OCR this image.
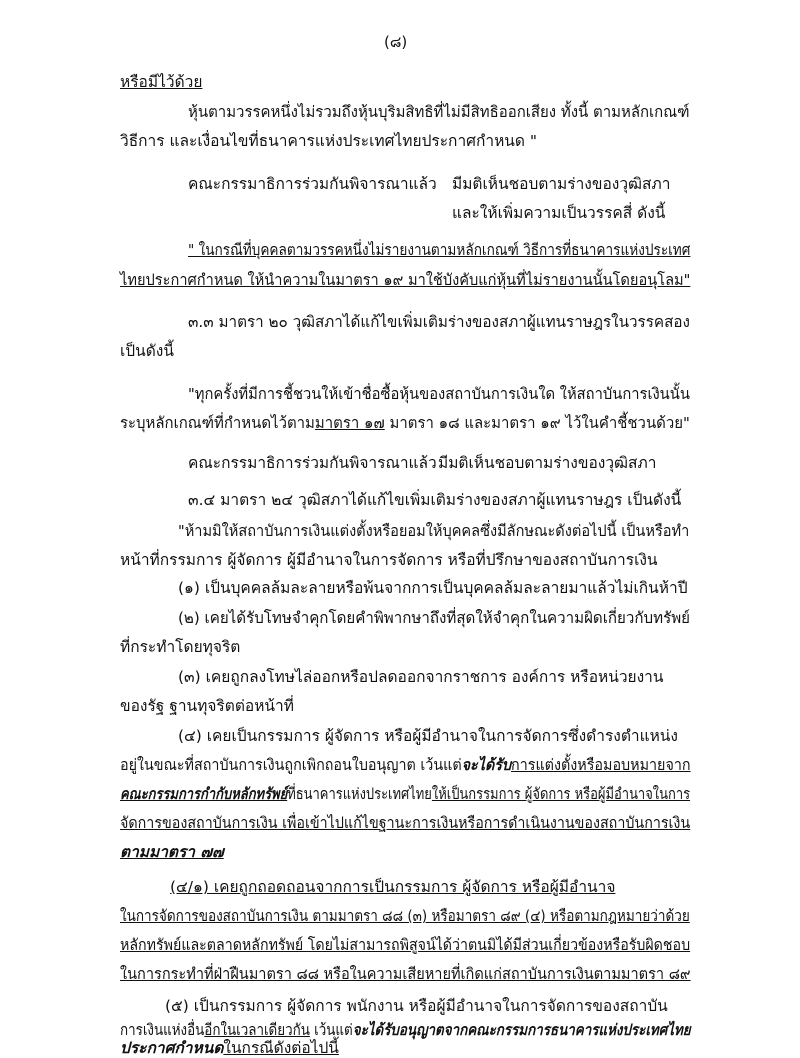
(๘)
หรือมีไว้ด้วย
หุ้นตามวรรคหนึ่งไม่รวมถึงหุ้นบุริมสิทธิที่ไม่มีสิทธิออกเสียง ทั้งนี้ ตามหลักเกณฑ์
วิธีการ และเงื่อนไขที่ธนาคารแห่งประเทศไทยประกาศกำหนด "
คณะกรรมาธิการร่วมกันพิจารณาแล้ว มีมติเห็นชอบตามร่างของวุฒิสภา
และให้เพิ่มความเป็นวรรคสี่ ดังนี้
" ในกรณีที่บุคคลตามวรรคหนึ่งไม่รายงานตามหลักเกณฑ์ วิธีการที่ธนาคารแห่งประเทศ
ไทยประกาศกำหนด ให้นำความในมาตรา ๑๙ มาใช้บังคับแก่หุ้นที่ไม่รายงานนั้นโดยอนุโลม"
๓.๓ มาตรา ๒๐ วุฒิสภาได้แก้ไขเพิ่มเติมร่างของสภาผู้แทนราษฎรในวรรคสอง
เป็นดังนี้
"ทุกครั้งที่มีการชี้ชวนให้เข้าชื่อซื้อหุ้นของสถาบันการเงินใด ให้สถาบันการเงินนั้น
ระบุหลักเกณฑ์ที่กำหนดไว้ตามมาตรา ๑๗ มาตรา ๑๘ และมาตรา ๑๙ ไว้ในคำชี้ชวนด้วย"
คณะกรรมาธิการร่วมกันพิจารณาแล้ว มีมติเห็นชอบตามร่างของวุฒิสภา
๓.๔ มาตรา ๒๔ วุฒิสภาได้แก้ไขเพิ่มเติมร่างของสภาผู้แทนราษฎร เป็นดังนี้
"ห้ามมิให้สถาบันการเงินแต่งตั้งหรือยอมให้บุคคลซึ่งมีลักษณะดังต่อไปนี้ เป็นหรือทำ
หน้าที่กรรมการ ผู้จัดการ ผู้มีอำนาจในการจัดการ หรือที่ปรึกษาของสถาบันการเงิน
(๑) เป็นบุคคลล้มละลายหรือพ้นจากการเป็นบุคคลล้มละลายมาแล้วไม่เกินห้าปี
(๒) เคยได้รับโทษจำคุกโดยคำพิพากษาถึงที่สุดให้จำคุกในความผิดเกี่ยวกับทรัพย์
ที่กระทำโดยทุจริต
(๓) เคยถูกลงโทษไล่ออกหรือปลดออกจากราชการ องค์การ หรือหน่วยงาน
ของรัฐ ฐานทุจริตต่อหน้าที่
(๔) เคยเป็นกรรมการ ผู้จัดการ หรือผู้มีอำนาจในการจัดการซึ่งดำรงตำแหน่ง
อยู่ในขณะที่สถาบันการเงินถูกเพิกถอนใบอนุญาต เว้นแต่จะได้รับการแต่งตั้งหรือมอบหมายจาก
คณะกรรมการกำกับหลักทรัพย์ที่ธนาคารแห่งประเทศไทยให้เป็นกรรมการ ผู้จัดการ หรือผู้มีอำนาจในการ
จัดการของสถาบันการเงิน เพื่อเข้าไปแก้ไขฐานะการเงินหรือการดำเนินงานของสถาบันการเงิน
ตามมาตรา ๗๗
(๔/๑) เคยถูกถอดถอนจากการเป็นกรรมการ ผู้จัดการ หรือผู้มีอำนาจ
ในการจัดการของสถาบันการเงิน ตามมาตรา ๘๘ (๓) หรือมาตรา ๘๙ (๔) หรือตามกฎหมายว่าด้วย
หลักทรัพย์และตลาดหลักทรัพย์ โดยไม่สามารถพิสูจน์ได้ว่าตนมิได้มีส่วนเกี่ยวข้องหรือรับผิดชอบ
ในการกระทำที่ฝ่าฝืนมาตรา ๘๘ หรือในความเสียหายที่เกิดแก่สถาบันการเงินตามมาตรา ๘๙
(๕) เป็นกรรมการ ผู้จัดการ พนักงาน หรือผู้มีอำนาจในการจัดการของสถาบัน
การเงินแห่งอื่นอีกในเวลาเดียวกัน เว้นแต่จะได้รับอนุญาตจากคณะกรรมการธนาคารแห่งประเทศไทย
ประกาศกำหนดในกรณีดังต่อไปนี้
